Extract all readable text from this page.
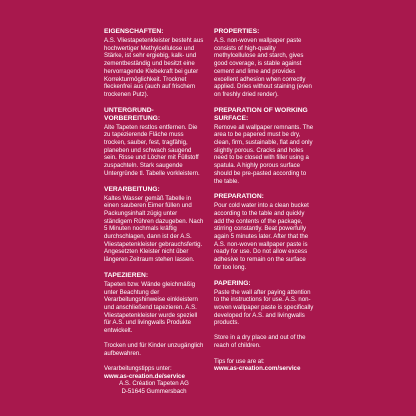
EIGENSCHAFTEN:

A.S. Vliestapetenkleister besteht aus hochwertiger Methylcellulose und Stärke, ist sehr ergiebig, kalk- und zementbeständig und besitzt eine hervorragende Klebekraft bei guter Korrekturmöglichkeit. Trocknet fleckenfrei aus (auch auf frischem trockenen Putz).

UNTERGRUND-VORBEREITUNG:

Alte Tapeten restlos entfernen. Die zu tapezierende Fläche muss trocken, sauber, fest, tragfähig, planeben und schwach saugend sein. Risse und Löcher mit Füllstoff zuspachteln. Stark saugende Untergründe tl. Tabelle vorkleistern.

VERARBEITUNG:

Kaltes Wasser gemäß Tabelle in einen sauberen Eimer füllen und Packungsinhalt zügig unter ständigem Rühren dazugeben. Nach 5 Minuten nochmals kräftig durchschlagen, dann ist der A.S. Vliestapetenkleister gebrauchsfertig. Angesetzten Kleister nicht über längeren Zeitraum stehen lassen.

TAPEZIEREN:

Tapeten bzw. Wände gleichmäßig unter Beachtung der Verarbeitungshinweise einkleistern und anschließend tapezieren. A.S. Vliestapetenkleister wurde speziell für A.S. und livingwalls Produkte entwickelt.

Trocken und für Kinder unzugänglich aufbewahren.

Verarbeitungstipps unter:

www.as-creation.de/service

PROPERTIES:

A.S. non-woven wallpaper paste consists of high-quality methylcellulose and starch, gives good coverage, is stable against cement and lime and provides excellent adhesion when correctly applied. Dries without staining (even on freshly dried render).

PREPARATION OF WORKING SURFACE:

Remove all wallpaper remnants. The area to be papered must be dry, clean, firm, sustainable, flat and only slightly porous. Cracks and holes need to be closed with filler using a spatula. A highly porous surface should be pre-pasted according to the table.

PREPARATION:

Pour cold water into a clean bucket according to the table and quickly add the contents of the package, stirring constantly. Beat powerfully again 5 minutes later. After that the A.S. non-woven wallpaper paste is ready for use. Do not allow excess adhesive to remain on the surface for too long.

PAPERING:

Paste the wall after paying attention to the instructions for use. A.S. non-woven wallpaper paste is specifically developed for A.S. and livingwalls products.

Store in a dry place and out of the reach of children.

Tips for use are at:

www.as-creation.com/service

A.S. Création Tapeten AG
D-51645 Gummersbach
